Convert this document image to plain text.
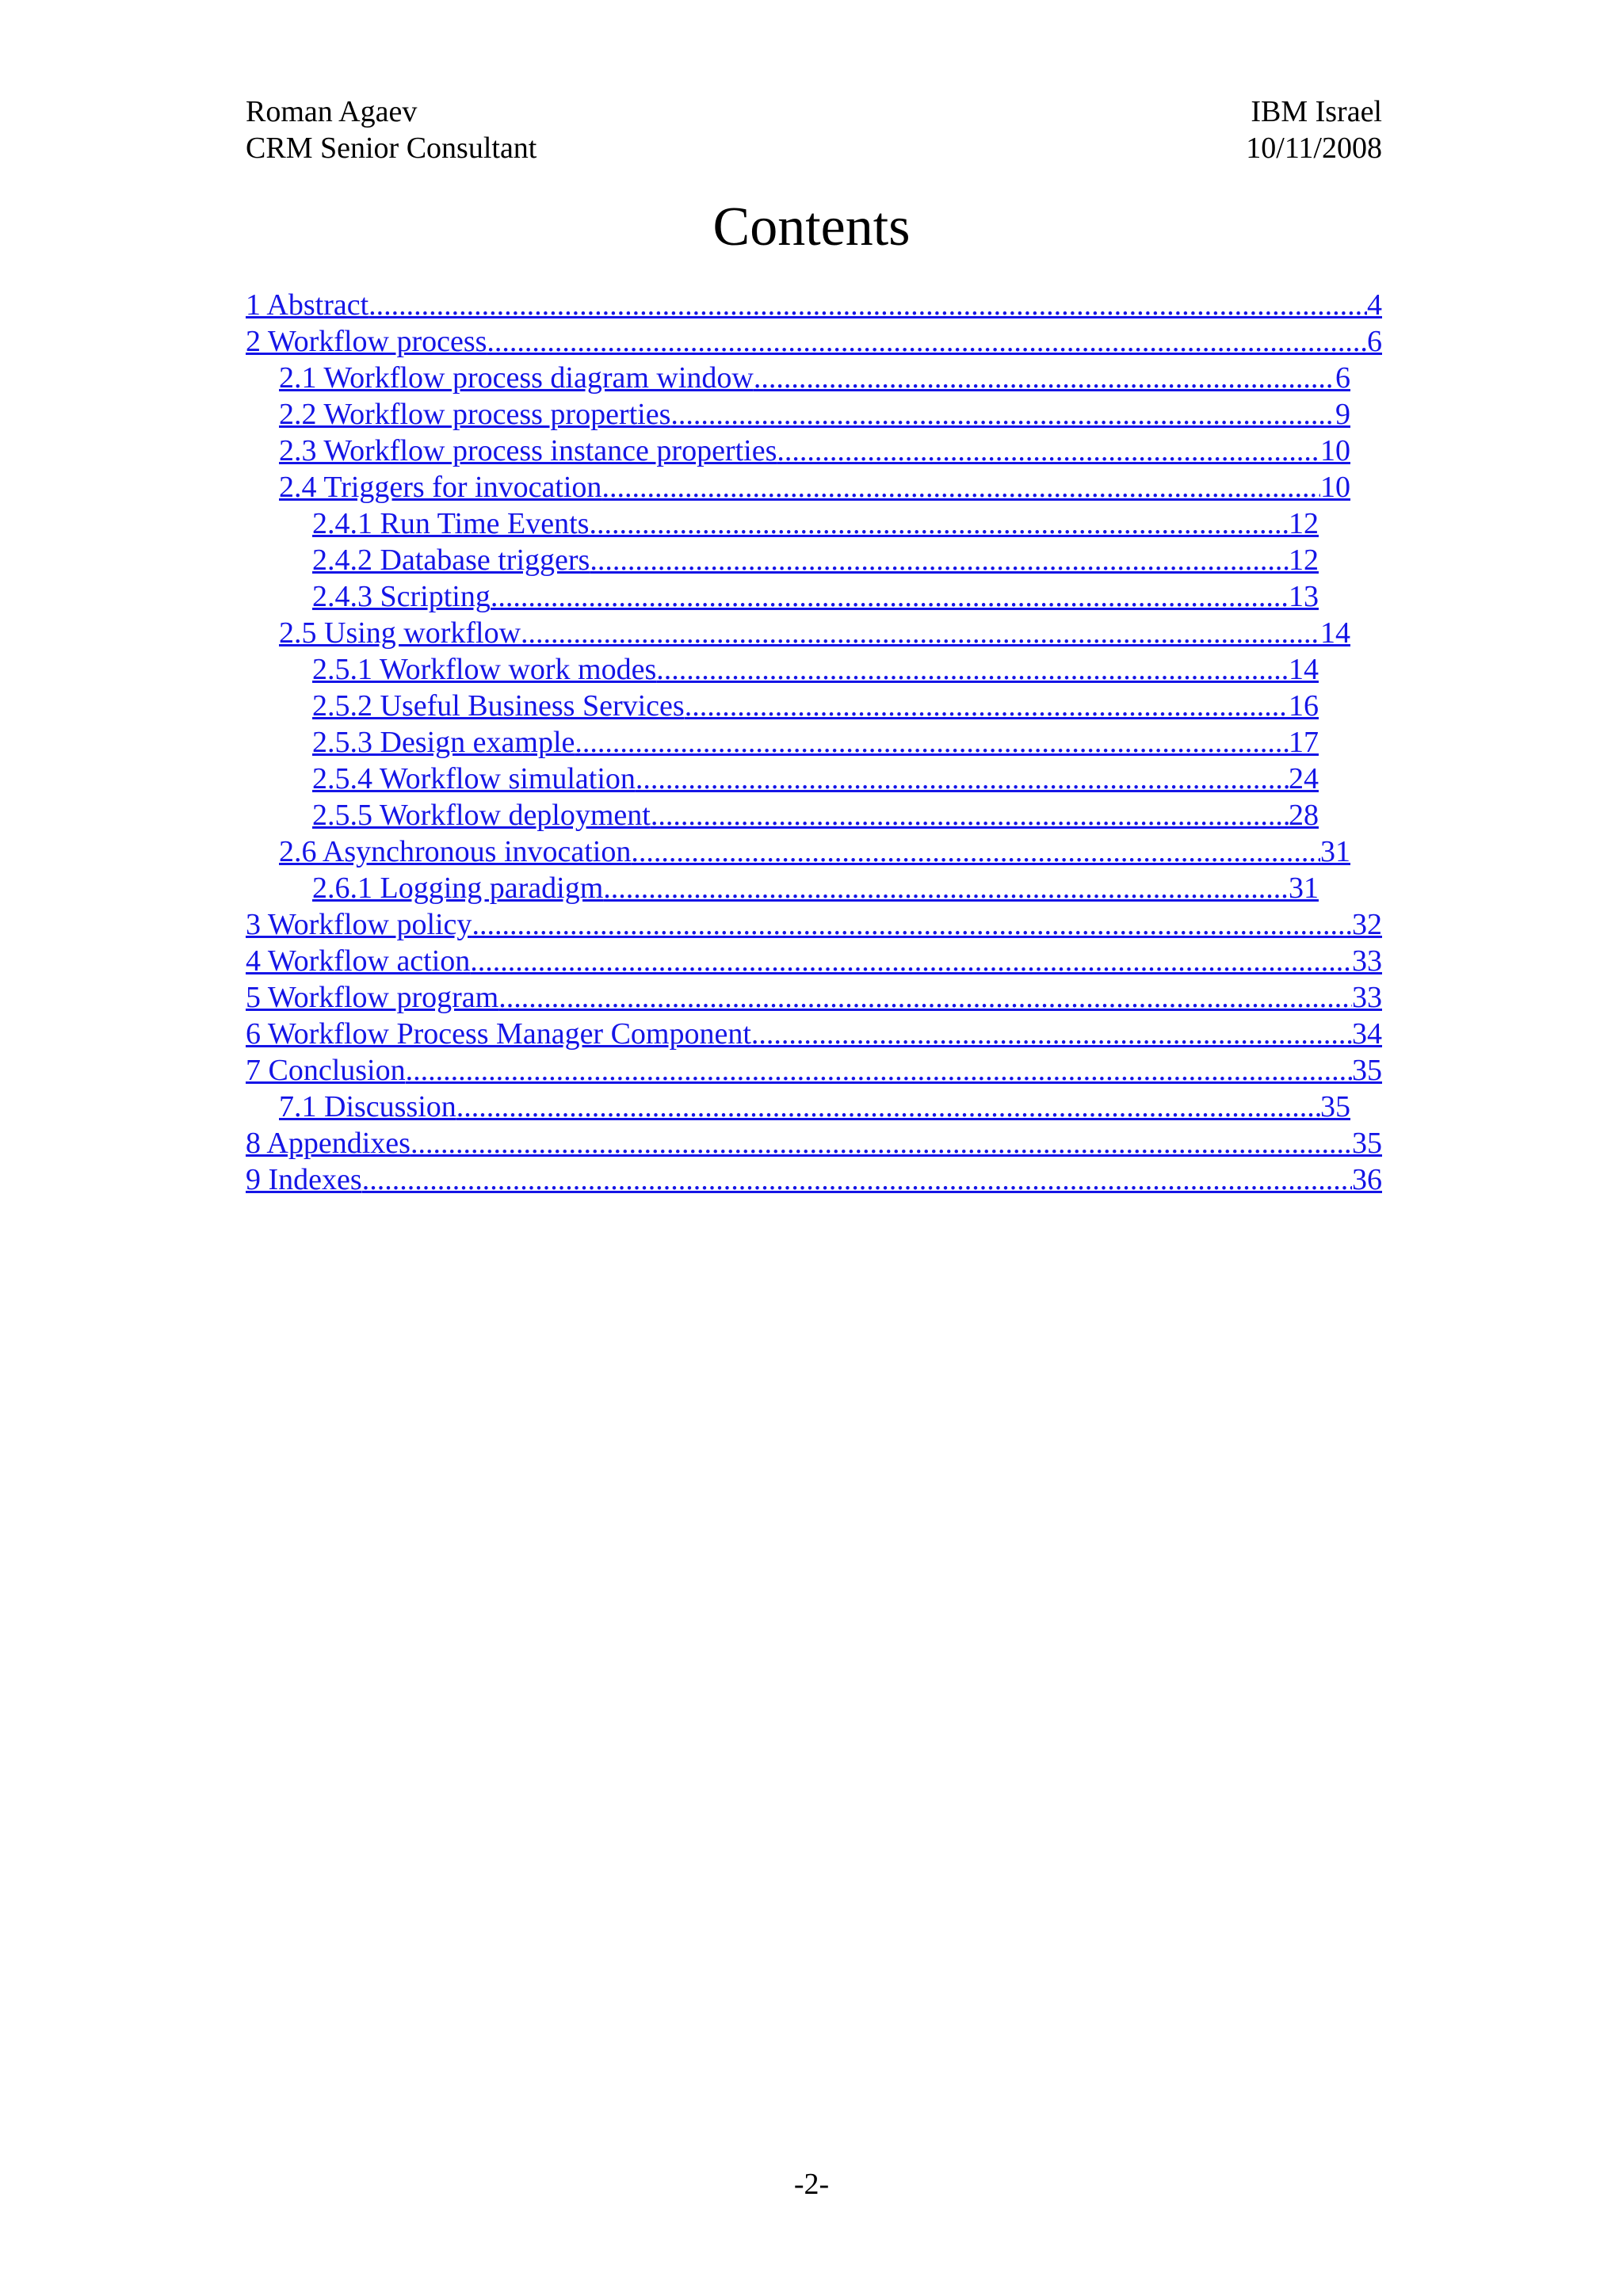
Roman Agaev	IBM Israel
CRM Senior Consultant	10/11/2008
Contents
1 Abstract .....	4
2 Workflow process .....	6
2.1 Workflow process diagram window .....	6
2.2 Workflow process properties .....	9
2.3 Workflow process instance properties .....	10
2.4 Triggers for invocation .....	10
2.4.1 Run Time Events .....	12
2.4.2 Database triggers .....	12
2.4.3 Scripting .....	13
2.5 Using workflow .....	14
2.5.1 Workflow work modes .....	14
2.5.2 Useful Business Services .....	16
2.5.3 Design example .....	17
2.5.4 Workflow simulation .....	24
2.5.5 Workflow deployment .....	28
2.6 Asynchronous invocation .....	31
2.6.1 Logging paradigm .....	31
3 Workflow policy .....	32
4 Workflow action .....	33
5 Workflow program .....	33
6 Workflow Process Manager Component .....	34
7 Conclusion .....	35
7.1 Discussion .....	35
8 Appendixes .....	35
9 Indexes .....	36
-2-
